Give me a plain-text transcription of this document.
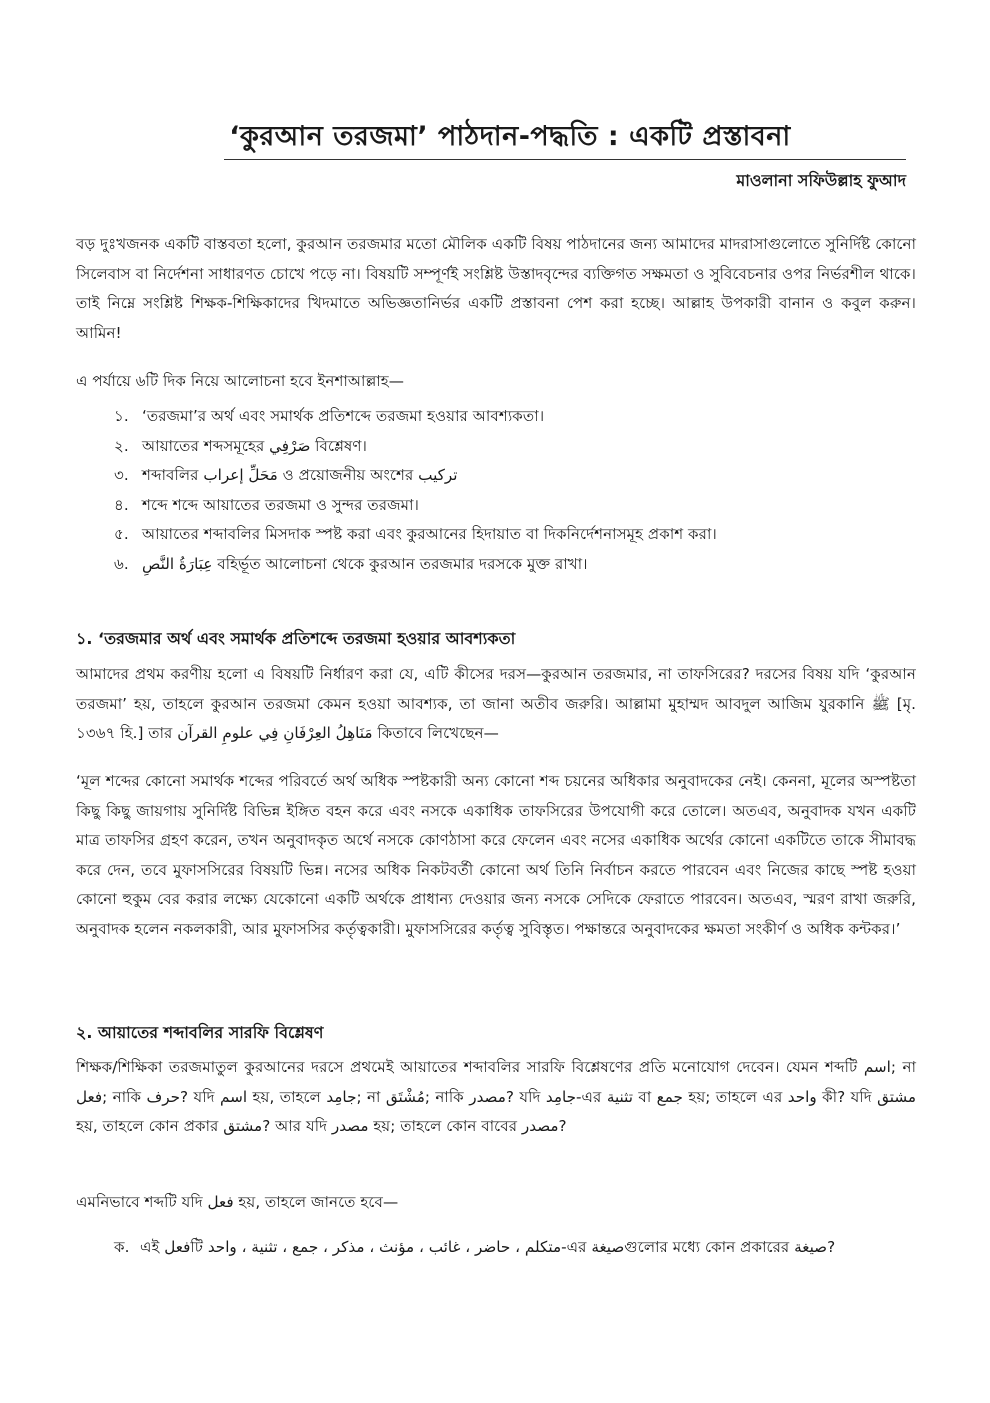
‘কুরআন তরজমা’ পাঠদান-পদ্ধতি : একটি প্রস্তাবনা
মাওলানা সফিউল্লাহ ফুআদ

বড় দুঃখজনক একটি বাস্তবতা হলো, কুরআন তরজমার মতো মৌলিক একটি বিষয় পাঠদানের জন্য আমাদের মাদরাসাগুলোতে সুনির্দিষ্ট কোনো সিলেবাস বা নির্দেশনা সাধারণত চোখে পড়ে না। বিষয়টি সম্পূর্ণই সংশ্লিষ্ট উস্তাদবৃন্দের ব্যক্তিগত সক্ষমতা ও সুবিবেচনার ওপর নির্ভরশীল থাকে। তাই নিম্নে সংশ্লিষ্ট শিক্ষক-শিক্ষিকাদের খিদমাতে অভিজ্ঞতানির্ভর একটি প্রস্তাবনা পেশ করা হচ্ছে। আল্লাহ উপকারী বানান ও কবুল করুন। আমিন!

এ পর্যায়ে ৬টি দিক নিয়ে আলোচনা হবে ইনশাআল্লাহ—

১. ‘তরজমা’র অর্থ এবং সমার্থক প্রতিশব্দে তরজমা হওয়ার আবশ্যকতা।
২. আয়াতের শব্দসমূহের صَرْفِي বিশ্লেষণ।
৩. শব্দাবলির مَحَلِّ إعراب ও প্রয়োজনীয় অংশের ترکیب
৪. শব্দে শব্দে আয়াতের তরজমা ও সুন্দর তরজমা।
৫. আয়াতের শব্দাবলির মিসদাক স্পষ্ট করা এবং কুরআনের হিদায়াত বা দিকনির্দেশনাসমূহ প্রকাশ করা।
৬. عِبَارَةُ النَّصِ বহির্ভূত আলোচনা থেকে কুরআন তরজমার দরসকে মুক্ত রাখা।

১. ‘তরজমার অর্থ এবং সমার্থক প্রতিশব্দে তরজমা হওয়ার আবশ্যকতা

আমাদের প্রথম করণীয় হলো এ বিষয়টি নির্ধারণ করা যে, এটি কীসের দরস—কুরআন তরজমার, না তাফসিরের? দরসের বিষয় যদি ‘কুরআন তরজমা’ হয়, তাহলে কুরআন তরজমা কেমন হওয়া আবশ্যক, তা জানা অতীব জরুরি। আল্লামা মুহাম্মদ আবদুল আজিম যুরকানি ﷺ [মৃ. ১৩৬৭ হি.] তার مَنَاهِلُ العِرْفَانِ فِي علومِ القرآن কিতাবে লিখেছেন—

‘মূল শব্দের কোনো সমার্থক শব্দের পরিবর্তে অর্থ অধিক স্পষ্টকারী অন্য কোনো শব্দ চয়নের অধিকার অনুবাদকের নেই। কেননা, মূলের অস্পষ্টতা কিছু কিছু জায়গায় সুনির্দিষ্ট বিভিন্ন ইঙ্গিত বহন করে এবং নসকে একাধিক তাফসিরের উপযোগী করে তোলে। অতএব, অনুবাদক যখন একটি মাত্র তাফসির গ্রহণ করেন, তখন অনুবাদকৃত অর্থে নসকে কোণঠাসা করে ফেলেন এবং নসের একাধিক অর্থের কোনো একটিতে তাকে সীমাবদ্ধ করে দেন, তবে মুফাসসিরের বিষয়টি ভিন্ন। নসের অধিক নিকটবর্তী কোনো অর্থ তিনি নির্বাচন করতে পারবেন এবং নিজের কাছে স্পষ্ট হওয়া কোনো হুকুম বের করার লক্ষ্যে যেকোনো একটি অর্থকে প্রাধান্য দেওয়ার জন্য নসকে সেদিকে ফেরাতে পারবেন। অতএব, স্মরণ রাখা জরুরি, অনুবাদক হলেন নকলকারী, আর মুফাসসির কর্তৃত্বকারী। মুফাসসিরের কর্তৃত্ব সুবিস্তৃত। পক্ষান্তরে অনুবাদকের ক্ষমতা সংকীর্ণ ও অধিক কন্টকর।’

২. আয়াতের শব্দাবলির সারফি বিশ্লেষণ

শিক্ষক/শিক্ষিকা তরজমাতুল কুরআনের দরসে প্রথমেই আয়াতের শব্দাবলির সারফি বিশ্লেষণের প্রতি মনোযোগ দেবেন। যেমন শব্দটি اسم; না فعل; নাকি حرف? যদি اسم হয়, তাহলে جامِد; না مُشْتَق; নাকি مصدر? যদি جامِد-এর تثنية বা جمع হয়; তাহলে এর واحد কী? যদি مشتق হয়, তাহলে কোন প্রকার مشتق? আর যদি مصدر হয়; তাহলে কোন বাবের مصدر?

এমনিভাবে শব্দটি যদি فعل হয়, তাহলে জানতে হবে—

ক. এই فعلটি متكلم ، حاضر ، غائب ، مؤنث ، مذكر ، جمع ، تثنية ، واحد-এর صيغةগুলোর মধ্যে কোন প্রকারের صيغة?
